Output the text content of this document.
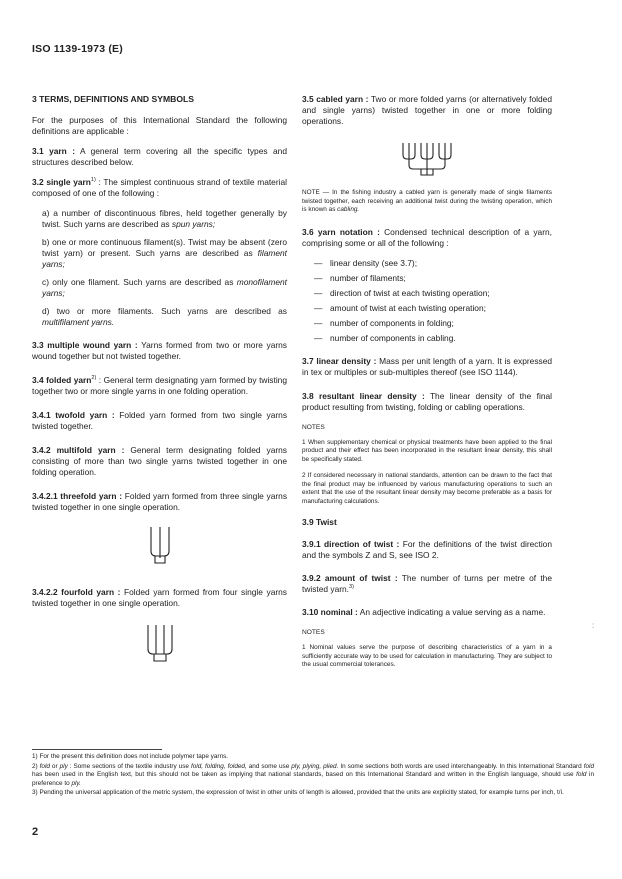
ISO 1139-1973 (E)

3 TERMS, DEFINITIONS AND SYMBOLS

For the purposes of this International Standard the following definitions are applicable :

3.1 yarn : A general term covering all the specific types and structures described below.

3.2 single yarn$^{1)}$ : The simplest continuous strand of textile material composed of one of the following :

a) a number of discontinuous fibres, held together generally by twist. Such yarns are described as spun yarns;

b) one or more continuous filament(s). Twist may be absent (zero twist yarn) or present. Such yarns are described as filament yarns;

c) only one filament. Such yarns are described as monofilament yarns;

d) two or more filaments. Such yarns are described as multifilament yarns.

3.3 multiple wound yarn : Yarns formed from two or more yarns wound together but not twisted together.

3.4 folded yarn$^{2)}$ : General term designating yarn formed by twisting together two or more single yarns in one folding operation.

3.4.1 twofold yarn : Folded yarn formed from two single yarns twisted together.

3.4.2 multifold yarn : General term designating folded yarns consisting of more than two single yarns twisted together in one folding operation.

3.4.2.1 threefold yarn : Folded yarn formed from three single yarns twisted together in one single operation.

3.4.2.2 fourfold yarn : Folded yarn formed from four single yarns twisted together in one single operation.

3.5 cabled yarn : Two or more folded yarns (or alternatively folded and single yarns) twisted together in one or more folding operations.

NOTE — In the fishing industry a cabled yarn is generally made of single filaments twisted together, each receiving an additional twist during the twisting operation, which is known as cabling.

3.6 yarn notation : Condensed technical description of a yarn, comprising some or all of the following :

— linear density (see 3.7);
— number of filaments;
— direction of twist at each twisting operation;
— amount of twist at each twisting operation;
— number of components in folding;
— number of components in cabling.

3.7 linear density : Mass per unit length of a yarn. It is expressed in tex or multiples or sub-multiples thereof (see ISO 1144).

3.8 resultant linear density : The linear density of the final product resulting from twisting, folding or cabling operations.

NOTES

1 When supplementary chemical or physical treatments have been applied to the final product and their effect has been incorporated in the resultant linear density, this shall be specifically stated.

2 If considered necessary in national standards, attention can be drawn to the fact that the final product may be influenced by various manufacturing operations to such an extent that the use of the resultant linear density may become preferable as a basis for manufacturing calculations.

3.9 Twist

3.9.1 direction of twist : For the definitions of the twist direction and the symbols Z and S, see ISO 2.

3.9.2 amount of twist : The number of turns per metre of the twisted yarn.$^{3)}$

3.10 nominal : An adjective indicating a value serving as a name.

NOTES

1 Nominal values serve the purpose of describing characteristics of a yarn in a sufficiently accurate way to be used for calculation in manufacturing. They are subject to the usual commercial tolerances.

1) For the present this definition does not include polymer tape yarns.

2) fold or ply : Some sections of the textile industry use fold, folding, folded, and some use ply, plying, plied. In some sections both words are used interchangeably. In this International Standard fold has been used in the English text, but this should not be taken as implying that national standards, based on this International Standard and written in the English language, should use fold in preference to ply.

3) Pending the universal application of the metric system, the expression of twist in other units of length is allowed, provided that the units are explicitly stated, for example turns per inch, t/i.

2
:
